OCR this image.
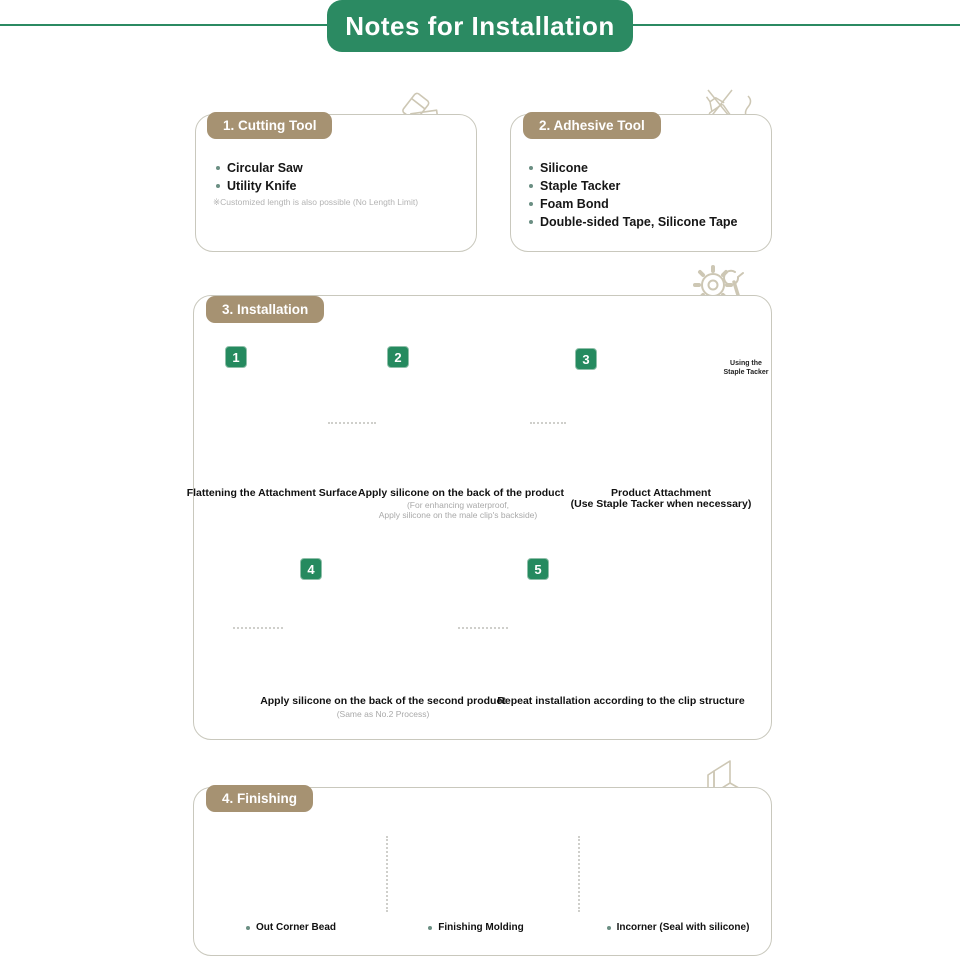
Notes for Installation
1. Cutting Tool
Circular Saw
Utility Knife
※Customized length is also possible (No Length Limit)
2. Adhesive Tool
Silicone
Staple Tacker
Foam Bond
Double-sided Tape, Silicone Tape
3. Installation
1	2	3
4	5
Using the
Staple Tacker
Flattening the Attachment Surface Apply silicone on the back of the product
(For enhancing waterproof,
Apply silicone on the male clip's backside)
Product Attachment
(Use Staple Tacker when necessary)
Apply silicone on the back of the second product
(Same as No.2 Process)
Repeat installation according to the clip structure
4. Finishing
Out Corner Bead	Finishing Molding	Incorner (Seal with silicone)
